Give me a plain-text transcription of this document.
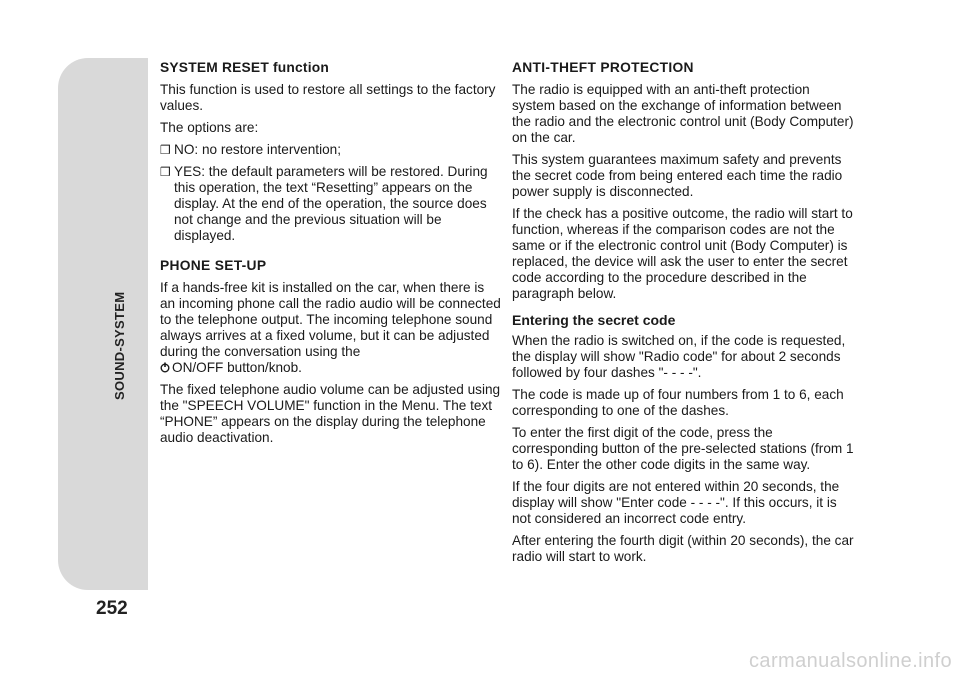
SOUND-SYSTEM
252
SYSTEM RESET function

This function is used to restore all settings to the factory values.

The options are:

❒ NO: no restore intervention;
❒ YES: the default parameters will be restored. During this operation, the text “Resetting” appears on the display. At the end of the operation, the source does not change and the previous situation will be displayed.
PHONE SET-UP

If a hands-free kit is installed on the car, when there is an incoming phone call the radio audio will be connected to the telephone output. The incoming telephone sound always arrives at a fixed volume, but it can be adjusted during the conversation using the
ON/OFF button/knob.

The fixed telephone audio volume can be adjusted using the "SPEECH VOLUME" function in the Menu. The text “PHONE” appears on the display during the telephone audio deactivation.

ANTI-THEFT PROTECTION

The radio is equipped with an anti-theft protection system based on the exchange of information between the radio and the electronic control unit (Body Computer) on the car.

This system guarantees maximum safety and prevents the secret code from being entered each time the radio power supply is disconnected.

If the check has a positive outcome, the radio will start to function, whereas if the comparison codes are not the same or if the electronic control unit (Body Computer) is replaced, the device will ask the user to enter the secret code according to the procedure described in the paragraph below.

Entering the secret code

When the radio is switched on, if the code is requested, the display will show "Radio code" for about 2 seconds followed by four dashes "- - - -".

The code is made up of four numbers from 1 to 6, each corresponding to one of the dashes.

To enter the first digit of the code, press the corresponding button of the pre-selected stations (from 1 to 6). Enter the other code digits in the same way.

If the four digits are not entered within 20 seconds, the display will show "Enter code - - - -". If this occurs, it is not considered an incorrect code entry.

After entering the fourth digit (within 20 seconds), the car radio will start to work.

carmanualsonline.info
